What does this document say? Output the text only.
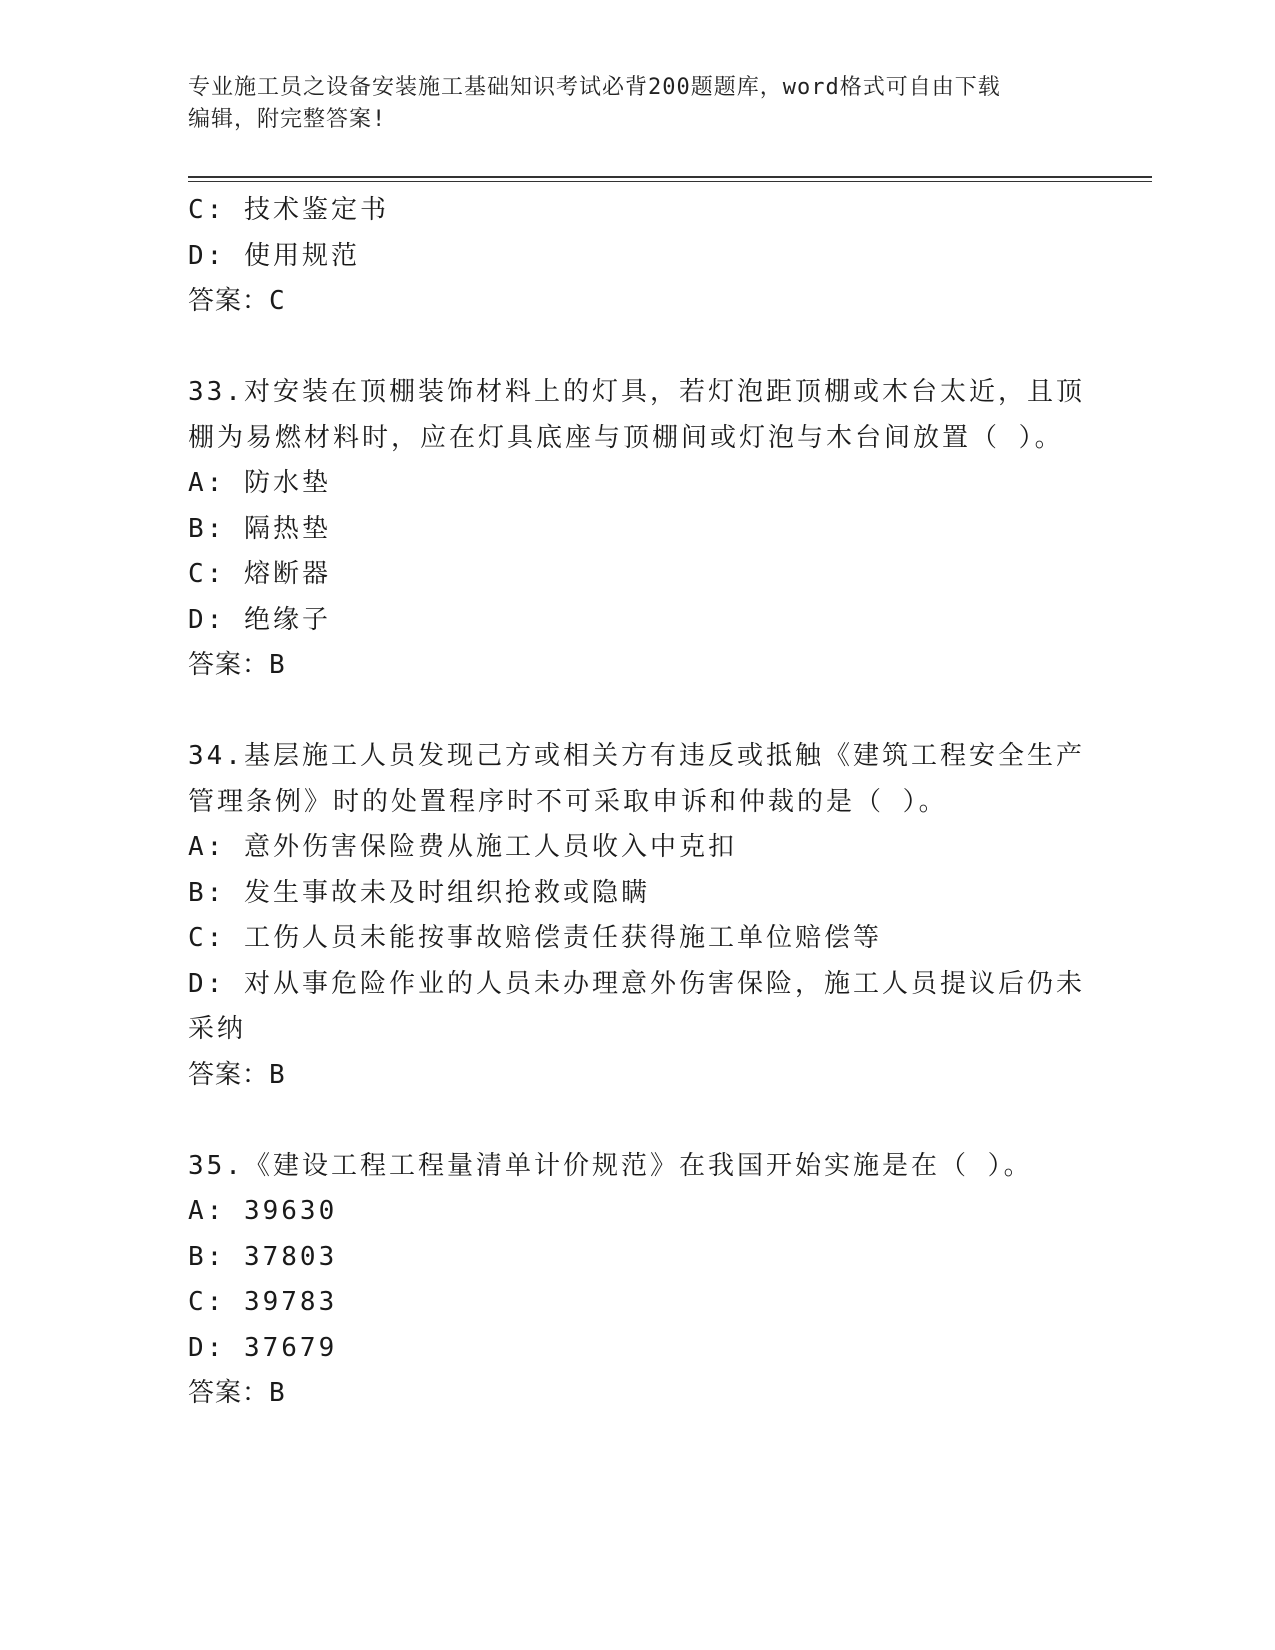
专业施工员之设备安装施工基础知识考试必背200题题库，word格式可自由下载
编辑，附完整答案!
C: 技术鉴定书
D: 使用规范
答案：C
33.对安装在顶棚装饰材料上的灯具，若灯泡距顶棚或木台太近，且顶
棚为易燃材料时，应在灯具底座与顶棚间或灯泡与木台间放置（ ）。
A: 防水垫
B: 隔热垫
C: 熔断器
D: 绝缘子
答案：B
34.基层施工人员发现己方或相关方有违反或抵触《建筑工程安全生产
管理条例》时的处置程序时不可采取申诉和仲裁的是（ ）。
A: 意外伤害保险费从施工人员收入中克扣
B: 发生事故未及时组织抢救或隐瞒
C: 工伤人员未能按事故赔偿责任获得施工单位赔偿等
D: 对从事危险作业的人员未办理意外伤害保险，施工人员提议后仍未
采纳
答案：B
35.《建设工程工程量清单计价规范》在我国开始实施是在（ ）。
A: 39630
B: 37803
C: 39783
D: 37679
答案：B
